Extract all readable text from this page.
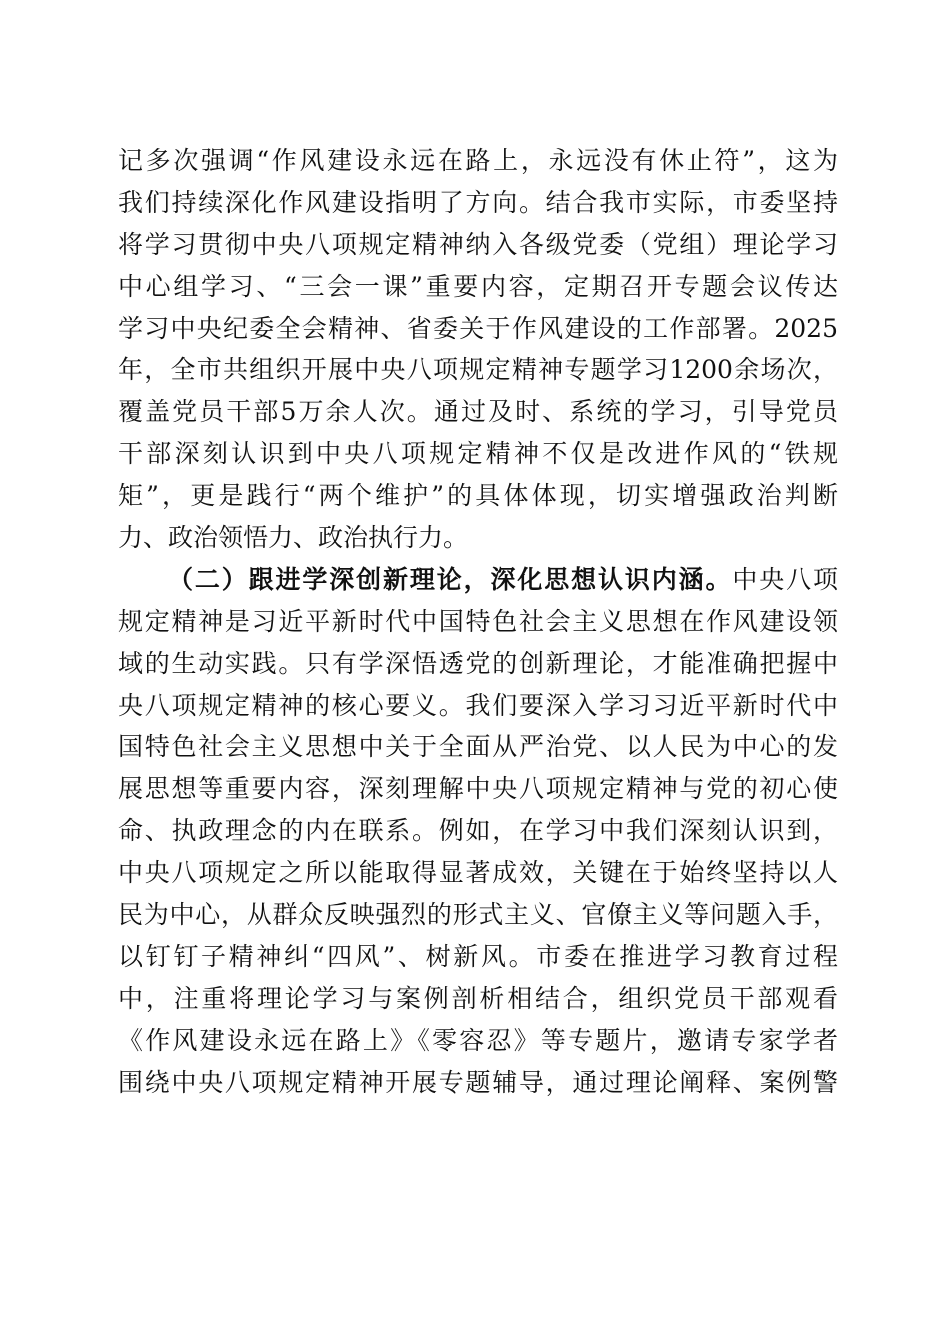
记多次强调“作风建设永远在路上，永远没有休止符”，这为
我们持续深化作风建设指明了方向。结合我市实际，市委坚持
将学习贯彻中央八项规定精神纳入各级党委（党组）理论学习
中心组学习、“三会一课”重要内容，定期召开专题会议传达
学习中央纪委全会精神、省委关于作风建设的工作部署。2025
年，全市共组织开展中央八项规定精神专题学习1200余场次，
覆盖党员干部5万余人次。通过及时、系统的学习，引导党员
干部深刻认识到中央八项规定精神不仅是改进作风的“铁规
矩”，更是践行“两个维护”的具体体现，切实增强政治判断
力、政治领悟力、政治执行力。
（二）跟进学深创新理论，深化思想认识内涵。中央八项
规定精神是习近平新时代中国特色社会主义思想在作风建设领
域的生动实践。只有学深悟透党的创新理论，才能准确把握中
央八项规定精神的核心要义。我们要深入学习习近平新时代中
国特色社会主义思想中关于全面从严治党、以人民为中心的发
展思想等重要内容，深刻理解中央八项规定精神与党的初心使
命、执政理念的内在联系。例如，在学习中我们深刻认识到，
中央八项规定之所以能取得显著成效，关键在于始终坚持以人
民为中心，从群众反映强烈的形式主义、官僚主义等问题入手，
以钉钉子精神纠“四风”、树新风。市委在推进学习教育过程
中，注重将理论学习与案例剖析相结合，组织党员干部观看
《作风建设永远在路上》《零容忍》等专题片，邀请专家学者
围绕中央八项规定精神开展专题辅导，通过理论阐释、案例警
